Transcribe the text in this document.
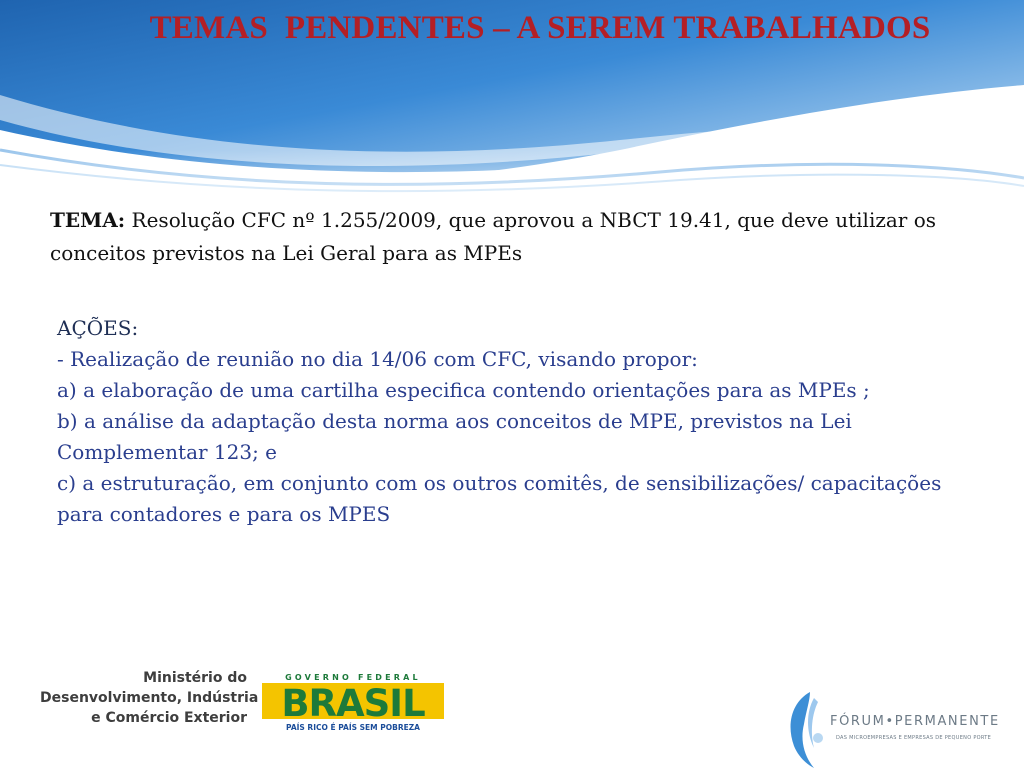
TEMAS  PENDENTES – A SEREM TRABALHADOS
TEMA: Resolução CFC nº 1.255/2009, que aprovou a NBCT 19.41, que deve utilizar os conceitos previstos na Lei Geral para as MPEs
AÇÕES:
- Realização de reunião no dia 14/06 com CFC, visando propor:
a) a elaboração de uma cartilha especifica contendo orientações para as MPEs ;
b) a análise da adaptação desta norma aos conceitos de MPE, previstos na Lei Complementar 123; e
c) a estruturação, em conjunto com os outros comitês, de sensibilizações/ capacitações para contadores e para os MPES
Ministério do
Desenvolvimento, Indústria
e Comércio Exterior
GOVERNO FEDERAL
BRASIL
PAÍS RICO É PAÍS SEM POBREZA	FÓRUM•PERMANENTE
DAS MICROEMPRESAS E EMPRESAS DE PEQUENO PORTE
